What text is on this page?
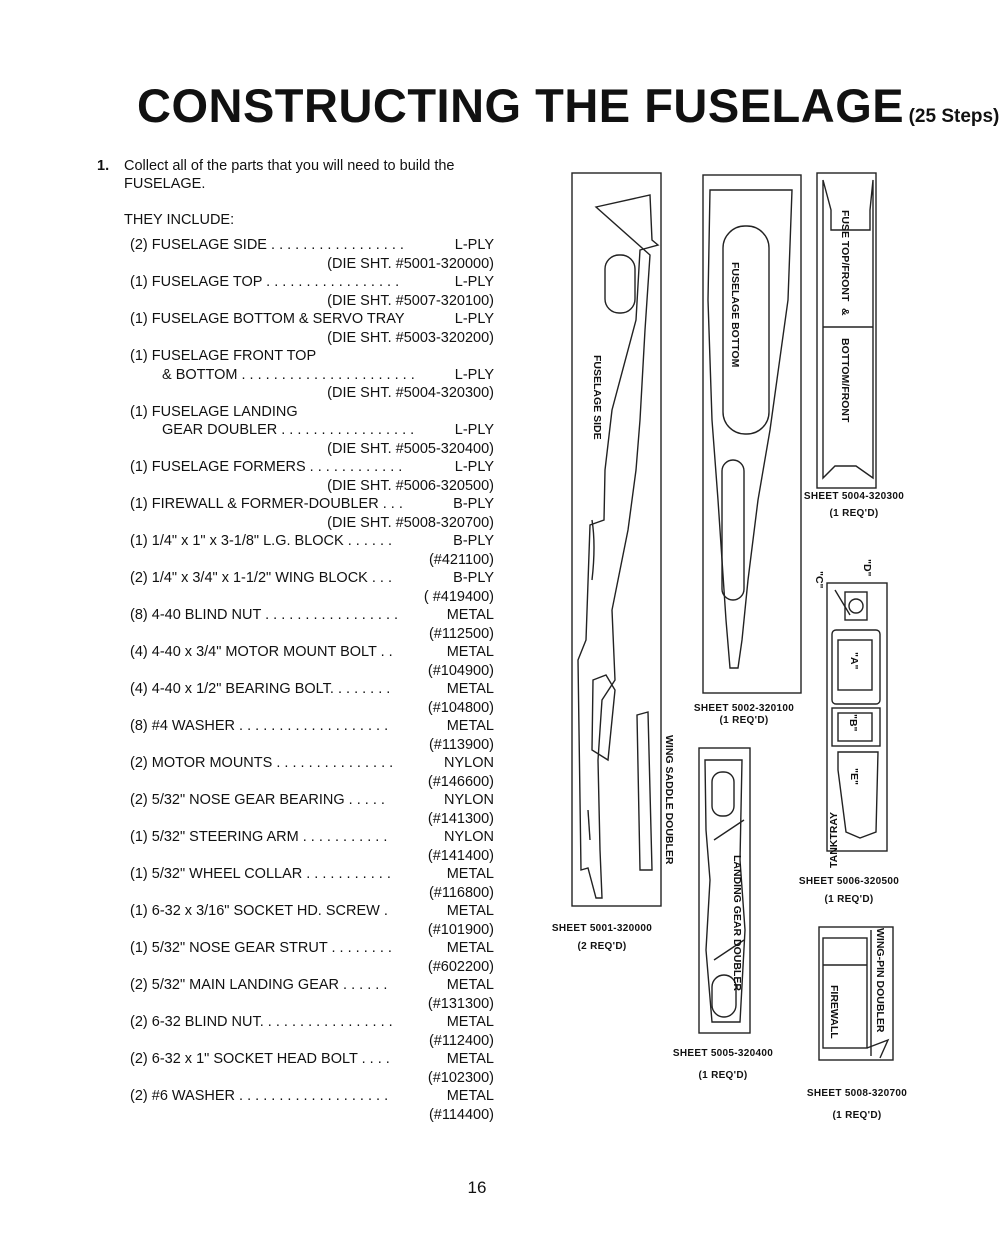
CONSTRUCTING THE FUSELAGE (25 Steps)
1. Collect all of the parts that you will need to build the FUSELAGE.
THEY INCLUDE:
(2) FUSELAGE SIDE . . . . . . . . . . . . . . . . .	L-PLY
(DIE SHT. #5001-320000)
(1) FUSELAGE TOP . . . . . . . . . . . . . . . . .	L-PLY
(DIE SHT. #5007-320100)
(1) FUSELAGE BOTTOM & SERVO TRAY	L-PLY
(DIE SHT. #5003-320200)
(1) FUSELAGE FRONT TOP
& BOTTOM . . . . . . . . . . . . . . . . . . . . . .	L-PLY
(DIE SHT. #5004-320300)
(1) FUSELAGE LANDING
GEAR DOUBLER . . . . . . . . . . . . . . . . .	L-PLY
(DIE SHT. #5005-320400)
(1) FUSELAGE FORMERS . . . . . . . . . . . .	L-PLY
(DIE SHT. #5006-320500)
(1) FIREWALL & FORMER-DOUBLER . . .	B-PLY
(DIE SHT. #5008-320700)
(1) 1/4" x 1" x 3-1/8" L.G. BLOCK . . . . . .	B-PLY
(#421100)
(2) 1/4" x 3/4" x 1-1/2" WING BLOCK . . .	B-PLY
( #419400)
(8) 4-40 BLIND NUT . . . . . . . . . . . . . . . . .	METAL
(#112500)
(4) 4-40 x 3/4" MOTOR MOUNT BOLT . .	METAL
(#104900)
(4) 4-40 x 1/2" BEARING BOLT. . . . . . . .	METAL
(#104800)
(8) #4 WASHER . . . . . . . . . . . . . . . . . . .	METAL
(#113900)
(2) MOTOR MOUNTS . . . . . . . . . . . . . . .	NYLON
(#146600)
(2) 5/32" NOSE GEAR BEARING . . . . .	NYLON
(#141300)
(1) 5/32" STEERING ARM . . . . . . . . . . .	NYLON
(#141400)
(1) 5/32" WHEEL COLLAR . . . . . . . . . . .	METAL
(#116800)
(1) 6-32 x 3/16" SOCKET HD. SCREW .	METAL
(#101900)
(1) 5/32" NOSE GEAR STRUT . . . . . . . .	METAL
(#602200)
(2) 5/32" MAIN LANDING GEAR . . . . . .	METAL
(#131300)
(2) 6-32 BLIND NUT. . . . . . . . . . . . . . . . .	METAL
(#112400)
(2) 6-32 x 1" SOCKET HEAD BOLT . . . .	METAL
(#102300)
(2) #6 WASHER . . . . . . . . . . . . . . . . . . .	METAL
(#114400)
FUSELAGE SIDE
WING SADDLE DOUBLER
FUSELAGE BOTTOM
FUSE TOP/FRONT
&
BOTTOM/FRONT
LANDING GEAR DOUBLER	WING-PIN DOUBLER
FIREWALL
"C"
"D"
"A"
"B"
"E"
TANKTRAY
SHEET 5001-320000
(2 REQ'D)
SHEET 5002-320100
(1 REQ'D)
SHEET 5004-320300
(1 REQ'D)
SHEET 5006-320500
(1 REQ'D)
SHEET 5005-320400
(1 REQ'D)
SHEET 5008-320700
(1 REQ'D)
16
